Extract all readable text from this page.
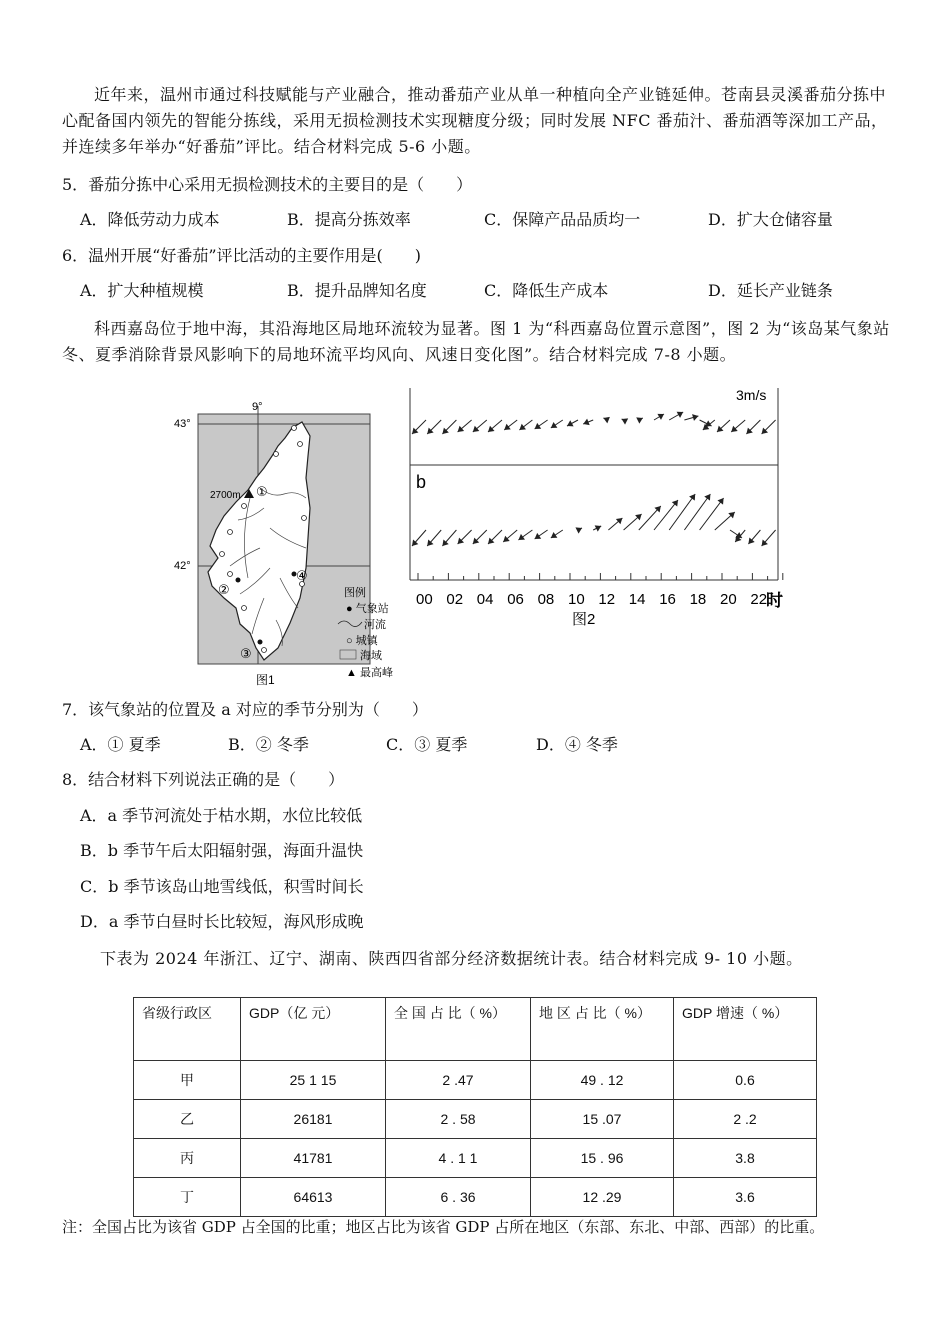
近年来，温州市通过科技赋能与产业融合，推动番茄产业从单一种植向全产业链延伸。苍南县灵溪番茄分拣中心配备国内领先的智能分拣线，采用无损检测技术实现糖度分级；同时发展 NFC 番茄汁、番茄酒等深加工产品，并连续多年举办“好番茄”评比。结合材料完成 5-6 小题。
5．番茄分拣中心采用无损检测技术的主要目的是（　　）
A．降低劳动力成本	B．提高分拣效率	C．保障产品品质均一	D．扩大仓储容量
6．温州开展“好番茄”评比活动的主要作用是(　　)
A．扩大种植规模	B．提升品牌知名度	C．降低生产成本	D．延长产业链条
科西嘉岛位于地中海，其沿海地区局地环流较为显著。图 1 为“科西嘉岛位置示意图”，图 2 为“该岛某气象站冬、夏季消除背景风影响下的局地环流平均风向、风速日变化图”。结合材料完成 7-8 小题。
9°
43°
42°
2700m ①
②
③
④
图例
● 气象站
河流
○ 城镇
海域
▲ 最高峰
图1
3m/s
b
00 02 04 06 08 10 12 14 16 18 20 22
时
图2
7．该气象站的位置及 a 对应的季节分别为（　　）
A．① 夏季	B．② 冬季	C．③ 夏季	D．④ 冬季
8．结合材料下列说法正确的是（　　）
A．a 季节河流处于枯水期，水位比较低
B．b 季节午后太阳辐射强，海面升温快
C．b 季节该岛山地雪线低，积雪时间长
D．a 季节白昼时长比较短，海风形成晚
下表为 2024 年浙江、辽宁、湖南、陕西四省部分经济数据统计表。结合材料完成 9- 10 小题。
省级行政区	GDP（亿 元）	全 国 占 比（ %）	地 区 占 比（ %）	GDP 增速（ %）
甲	25 1 15	2 .47	49 . 12	0.6
乙	26181	2 . 58	15 .07	2 .2
丙	41781	4 . 1 1	15 . 96	3.8
丁	64613	6 . 36	12 .29	3.6
注：全国占比为该省 GDP 占全国的比重；地区占比为该省 GDP 占所在地区（东部、东北、中部、西部）的比重。
